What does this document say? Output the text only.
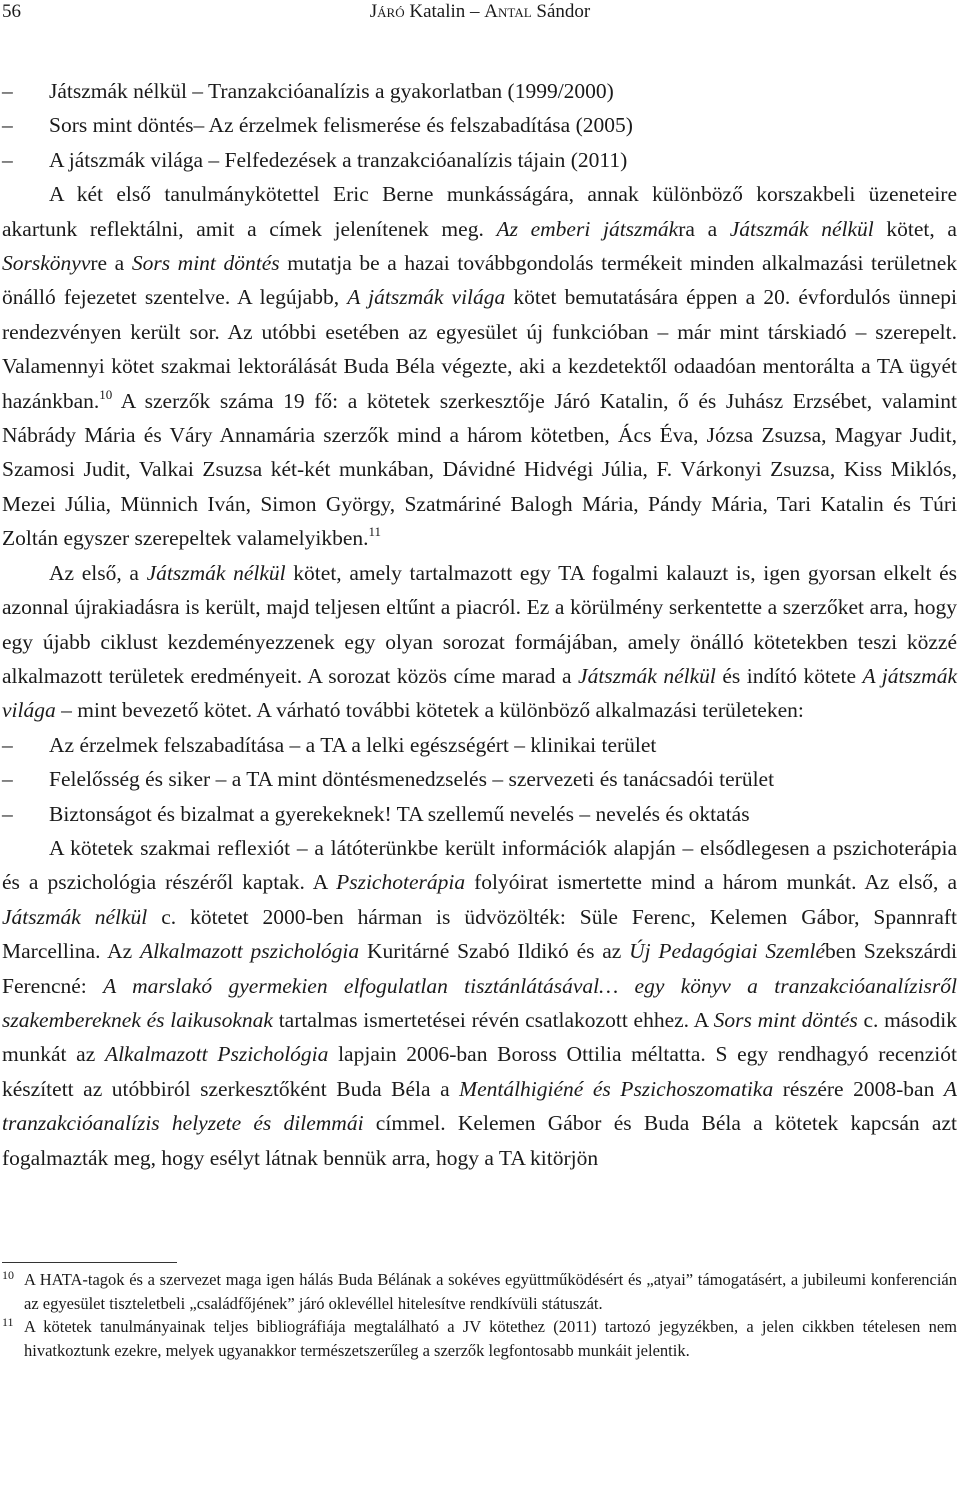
56	Járó Katalin – Antal Sándor

– Játszmák nélkül – Tranzakcióanalízis a gyakorlatban (1999/2000)

– Sors mint döntés– Az érzelmek felismerése és felszabadítása (2005)

– A játszmák világa – Felfedezések a tranzakcióanalízis tájain (2011)

A két első tanulmánykötettel Eric Berne munkásságára, annak különböző korszakbeli üzeneteire akartunk reflektálni, amit a címek jelenítenek meg. Az emberi játszmákra a Játszmák nélkül kötet, a Sorskönyvre a Sors mint döntés mutatja be a hazai továbbgondolás termékeit minden alkalmazási területnek önálló fejezetet szentelve. A legújabb, A játszmák világa kötet bemutatására éppen a 20. évfordulós ünnepi rendezvényen került sor. Az utóbbi esetében az egyesület új funkcióban – már mint társkiadó – szerepelt. Valamennyi kötet szakmai lektorálását Buda Béla végezte, aki a kezdetektől odaadóan mentorálta a TA ügyét hazánkban.$^{10}$ A szerzők száma 19 fő: a kötetek szerkesztője Járó Katalin, ő és Juhász Erzsébet, valamint Nábrády Mária és Váry Annamária szerzők mind a három kötetben, Ács Éva, Józsa Zsuzsa, Magyar Judit, Szamosi Judit, Valkai Zsuzsa két-két munkában, Dávidné Hidvégi Júlia, F. Várkonyi Zsuzsa, Kiss Miklós, Mezei Júlia, Münnich Iván, Simon György, Szatmáriné Balogh Mária, Pándy Mária, Tari Katalin és Túri Zoltán egyszer szerepeltek valamelyikben.$^{11}$

Az első, a Játszmák nélkül kötet, amely tartalmazott egy TA fogalmi kalauzt is, igen gyorsan elkelt és azonnal újrakiadásra is került, majd teljesen eltűnt a piacról. Ez a körülmény serkentette a szerzőket arra, hogy egy újabb ciklust kezdeményezzenek egy olyan sorozat formájában, amely önálló kötetekben teszi közzé alkalmazott területek eredményeit. A sorozat közös címe marad a Játszmák nélkül és indító kötete A játszmák világa – mint bevezető kötet. A várható további kötetek a különböző alkalmazási területeken:

– Az érzelmek felszabadítása – a TA a lelki egészségért – klinikai terület

– Felelősség és siker – a TA mint döntésmenedzselés – szervezeti és tanácsadói terület

– Biztonságot és bizalmat a gyerekeknek! TA szellemű nevelés – nevelés és oktatás

A kötetek szakmai reflexiót – a látóterünkbe került információk alapján – elsődlegesen a pszichoterápia és a pszichológia részéről kaptak. A Pszichoterápia folyóirat ismertette mind a három munkát. Az első, a Játszmák nélkül c. kötetet 2000-ben hárman is üdvözölték: Süle Ferenc, Kelemen Gábor, Spannraft Marcellina. Az Alkalmazott pszichológia Kuritárné Szabó Ildikó és az Új Pedagógiai Szemlében Szekszárdi Ferencné: A marslakó gyermekien elfogulatlan tisztánlátásával… egy könyv a tranzakcióanalízisről szakembereknek és laikusoknak tartalmas ismertetései révén csatlakozott ehhez. A Sors mint döntés c. második munkát az Alkalmazott Pszichológia lapjain 2006-ban Boross Ottilia méltatta. S egy rendhagyó recenziót készített az utóbbiról szerkesztőként Buda Béla a Mentálhigiéné és Pszichoszomatika részére 2008-ban A tranzakcióanalízis helyzete és dilemmái címmel. Kelemen Gábor és Buda Béla a kötetek kapcsán azt fogalmazták meg, hogy esélyt látnak bennük arra, hogy a TA kitörjön

10 A HATA-tagok és a szervezet maga igen hálás Buda Bélának a sokéves együttműködésért és „atyai” támogatásért, a jubileumi konferencián az egyesület tiszteletbeli „családfőjének” járó oklevéllel hitelesítve rendkívüli státuszát.

11 A kötetek tanulmányainak teljes bibliográfiája megtalálható a JV kötethez (2011) tartozó jegyzékben, a jelen cikkben tételesen nem hivatkoztunk ezekre, melyek ugyanakkor természetszerűleg a szerzők legfontosabb munkáit jelentik.
